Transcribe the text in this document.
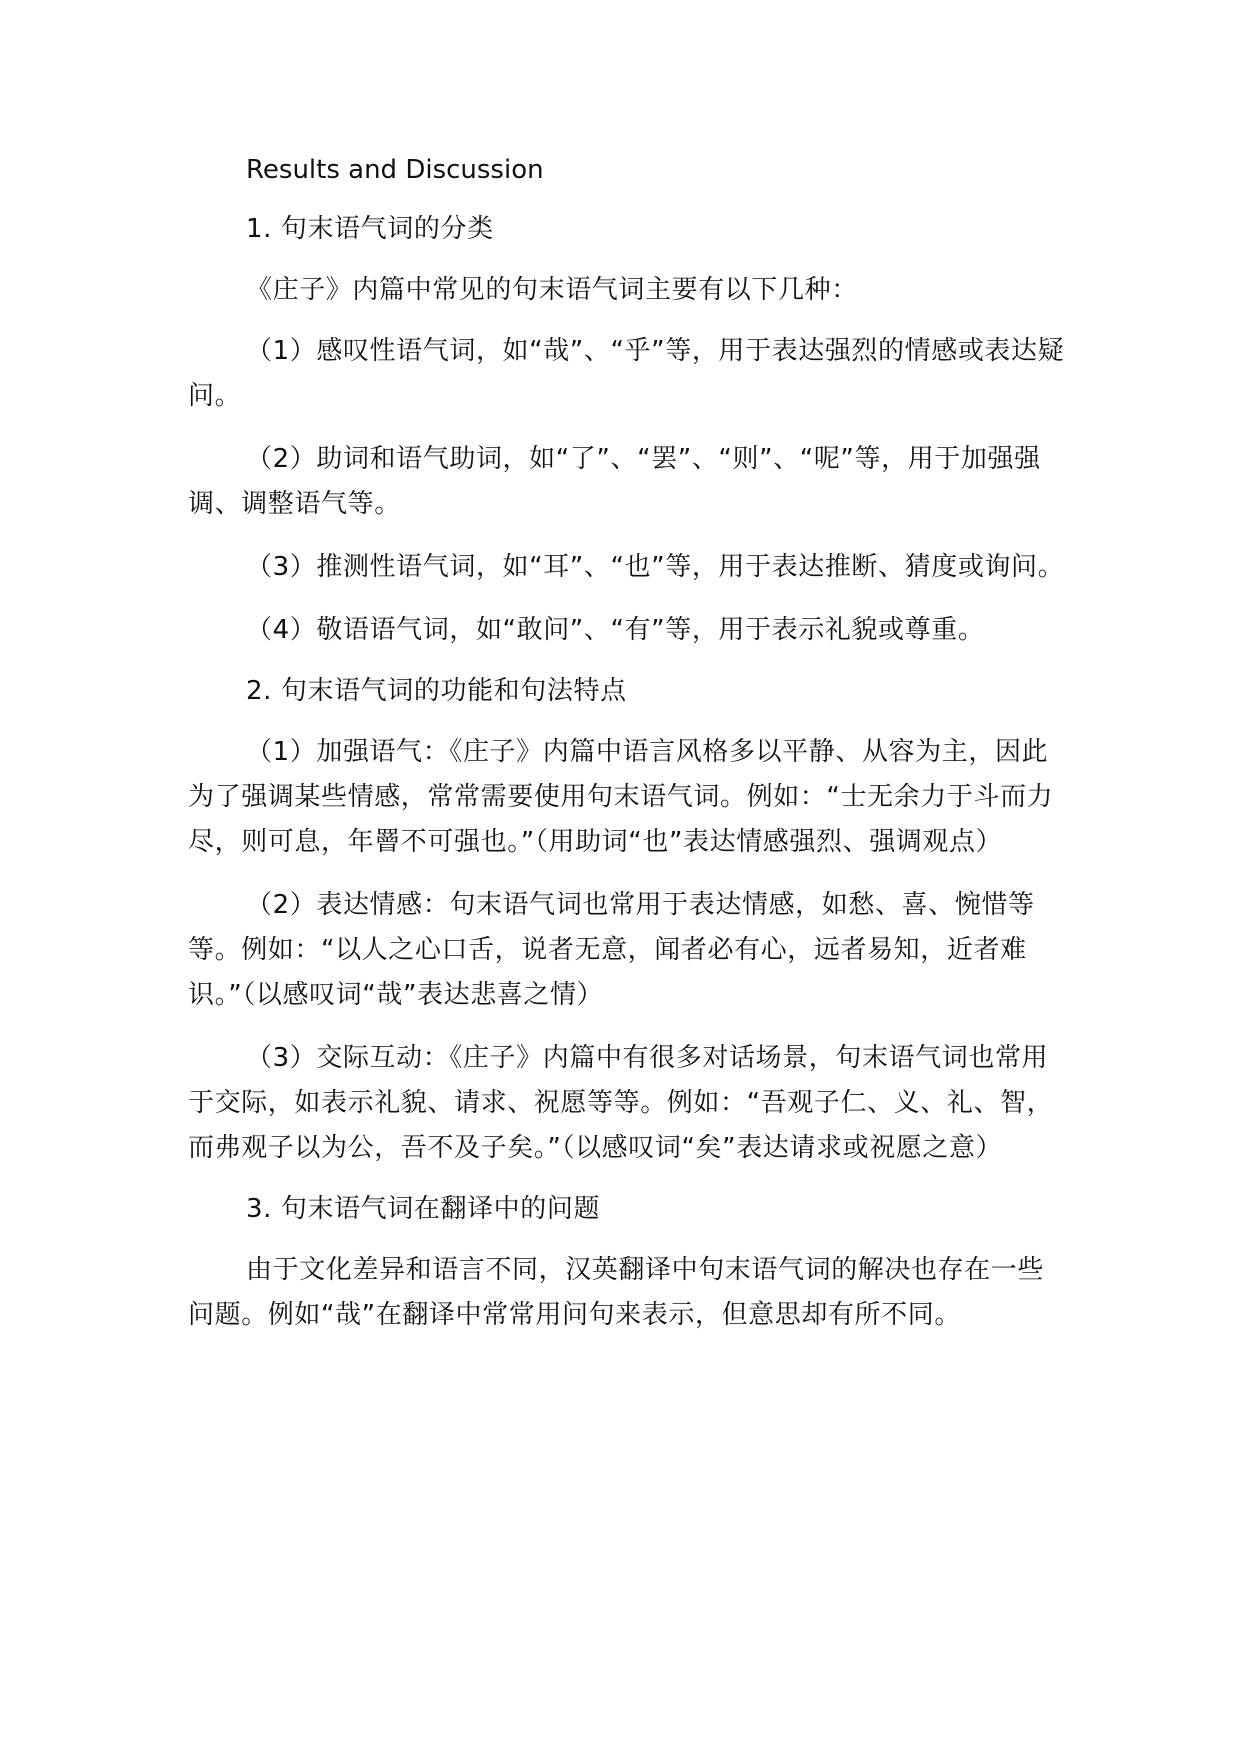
Results and Discussion

1. 句末语气词的分类

《庄子》内篇中常见的句末语气词主要有以下几种：

（1）感叹性语气词，如“哉”、“乎”等，用于表达强烈的情感或表达疑问。

（2）助词和语气助词，如“了”、“罢”、“则”、“呢”等，用于加强强调、调整语气等。

（3）推测性语气词，如“耳”、“也”等，用于表达推断、猜度或询问。

（4）敬语语气词，如“敢问”、“有”等，用于表示礼貌或尊重。

2. 句末语气词的功能和句法特点

（1）加强语气：《庄子》内篇中语言风格多以平静、从容为主，因此为了强调某些情感，常常需要使用句末语气词。例如：“士无余力于斗而力尽，则可息，年罾不可强也。”（用助词“也”表达情感强烈、强调观点）

（2）表达情感：句末语气词也常用于表达情感，如愁、喜、惋惜等等。例如：“以人之心口舌，说者无意，闻者必有心，远者易知，近者难识。”（以感叹词“哉”表达悲喜之情）

（3）交际互动：《庄子》内篇中有很多对话场景，句末语气词也常用于交际，如表示礼貌、请求、祝愿等等。例如：“吾观子仁、义、礼、智，而弗观子以为公，吾不及子矣。”（以感叹词“矣”表达请求或祝愿之意）

3. 句末语气词在翻译中的问题

由于文化差异和语言不同，汉英翻译中句末语气词的解决也存在一些问题。例如“哉”在翻译中常常用问句来表示，但意思却有所不同。
